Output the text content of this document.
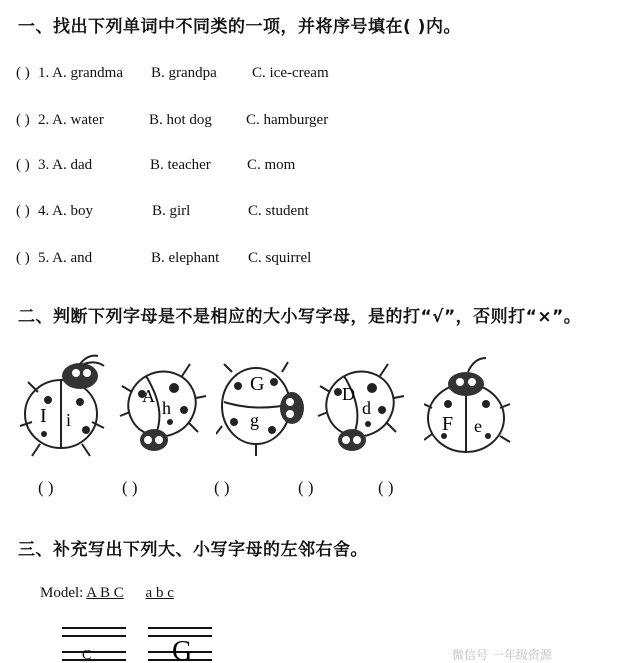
一、找出下列单词中不同类的一项，并将序号填在( )内。
( ) 1. A. grandma B. grandpa C. ice-cream
( ) 2. A. water	B. hot dog C. hamburger
( ) 3. A. dad	B. teacher C. mom
( ) 4. A. boy	B. girl	C. student
( ) 5. A. and	B. elephant C. squirrel
二、判断下列字母是不是相应的大小写字母，是的打“√”，否则打“×”。
I i
A
h
G
g
D
d
F e
( )	( )	( )	( )	( )
三、补充写出下列大、小写字母的左邻右舍。
Model: A B C a b c
C	G	微信号 一年级资源
